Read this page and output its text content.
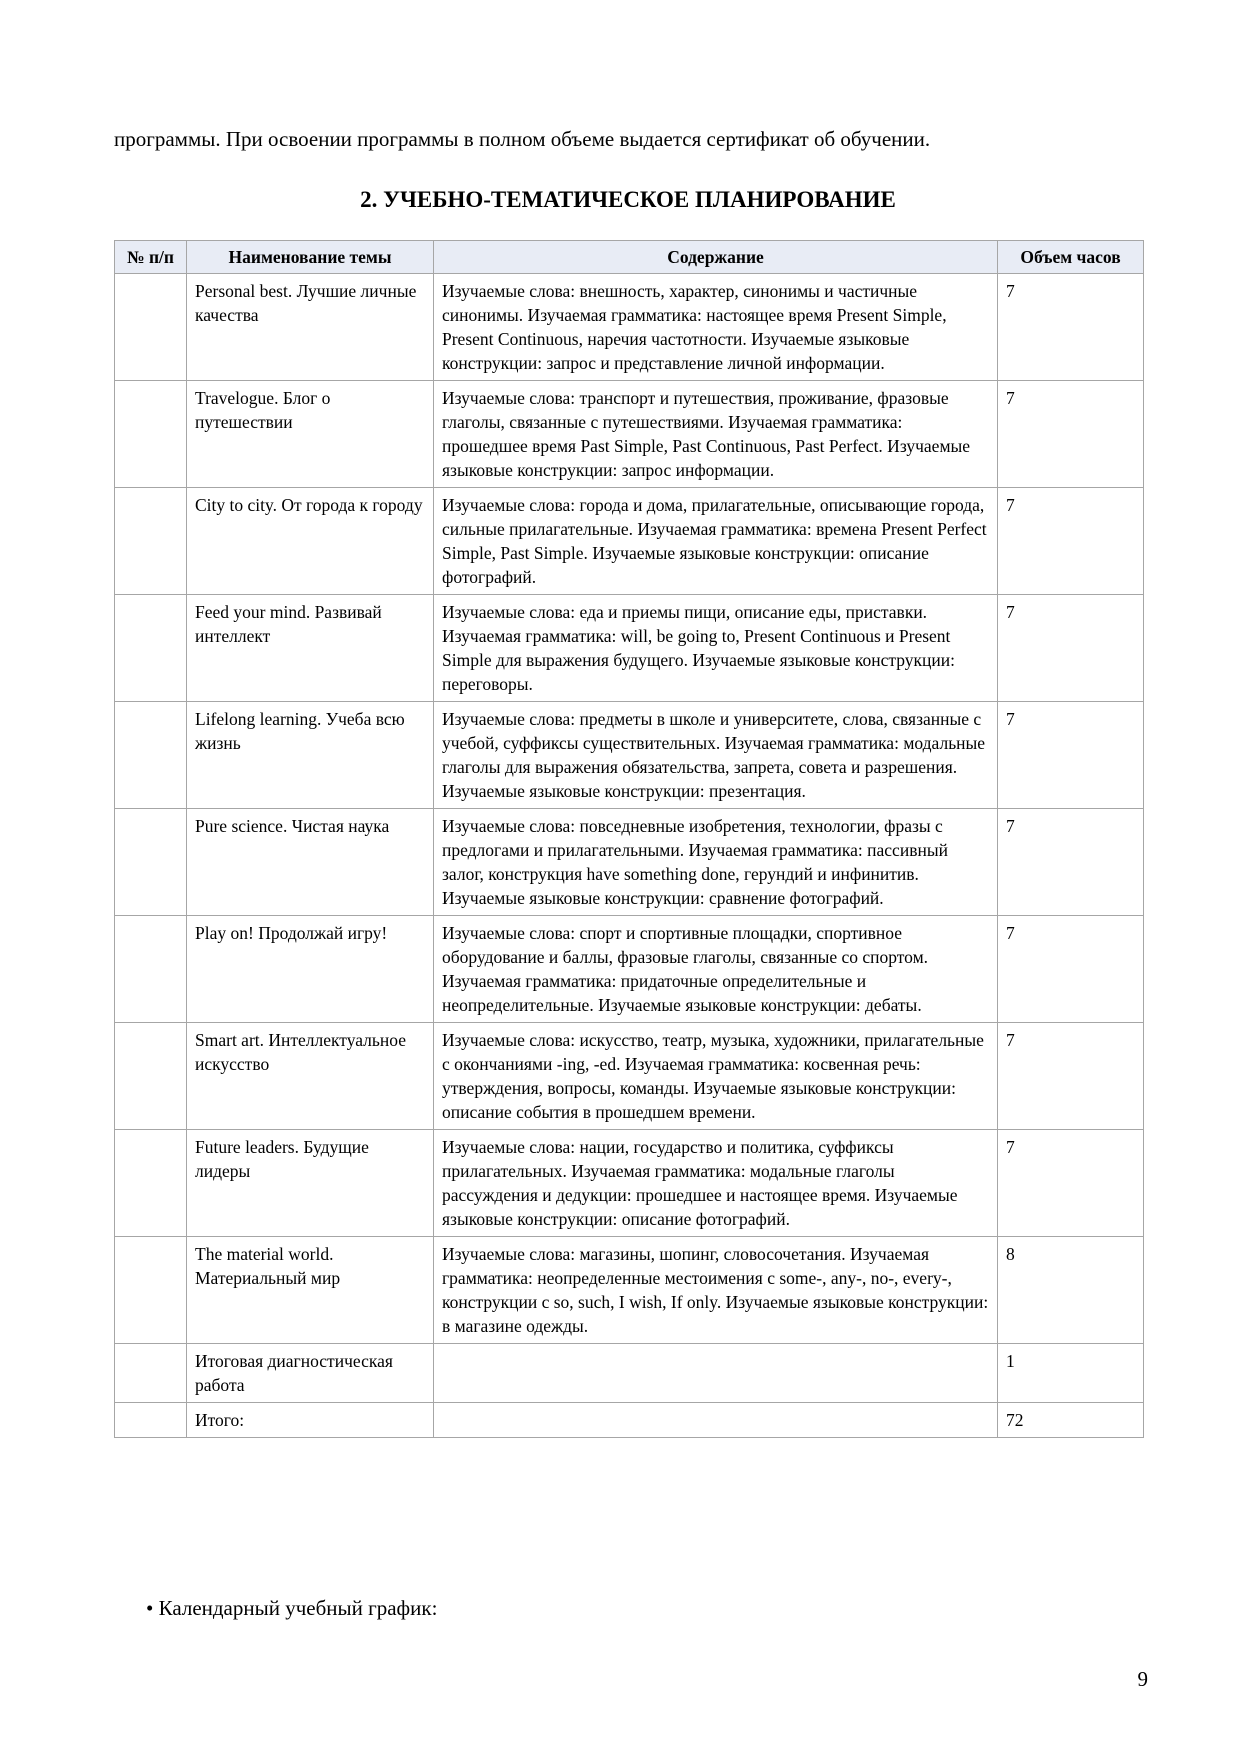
программы. При освоении программы в полном объеме выдается сертификат об обучении.
2. УЧЕБНО-ТЕМАТИЧЕСКОЕ ПЛАНИРОВАНИЕ
№ п/п	Наименование темы	Содержание	Объем часов
	Personal best. Лучшие личные качества	Изучаемые слова: внешность, характер, синонимы и частичные синонимы. Изучаемая грамматика: настоящее время Present Simple, Present Continuous, наречия частотности. Изучаемые языковые конструкции: запрос и представление личной информации.	7
	Travelogue. Блог о путешествии	Изучаемые слова: транспорт и путешествия, проживание, фразовые глаголы, связанные с путешествиями. Изучаемая грамматика: прошедшее время Past Simple, Past Continuous, Past Perfect. Изучаемые языковые конструкции: запрос информации.	7
	City to city. От города к городу	Изучаемые слова: города и дома, прилагательные, описывающие города, сильные прилагательные. Изучаемая грамматика: времена Present Perfect Simple, Past Simple. Изучаемые языковые конструкции: описание фотографий.	7
	Feed your mind. Развивай интеллект	Изучаемые слова: еда и приемы пищи, описание еды, приставки. Изучаемая грамматика: will, be going to, Present Continuous и Present Simple для выражения будущего. Изучаемые языковые конструкции: переговоры.	7
	Lifelong learning. Учеба всю жизнь	Изучаемые слова: предметы в школе и университете, слова, связанные с учебой, суффиксы существительных. Изучаемая грамматика: модальные глаголы для выражения обязательства, запрета, совета и разрешения. Изучаемые языковые конструкции: презентация.	7
	Pure science. Чистая наука	Изучаемые слова: повседневные изобретения, технологии, фразы с предлогами и прилагательными. Изучаемая грамматика: пассивный залог, конструкция have something done, герундий и инфинитив. Изучаемые языковые конструкции: сравнение фотографий.	7
	Play on! Продолжай игру!	Изучаемые слова: спорт и спортивные площадки, спортивное оборудование и баллы, фразовые глаголы, связанные со спортом. Изучаемая грамматика: придаточные определительные и неопределительные. Изучаемые языковые конструкции: дебаты.	7
	Smart art. Интеллектуальное искусство	Изучаемые слова: искусство, театр, музыка, художники, прилагательные с окончаниями -ing, -ed. Изучаемая грамматика: косвенная речь: утверждения, вопросы, команды. Изучаемые языковые конструкции: описание события в прошедшем времени.	7
	Future leaders. Будущие лидеры	Изучаемые слова: нации, государство и политика, суффиксы прилагательных. Изучаемая грамматика: модальные глаголы рассуждения и дедукции: прошедшее и настоящее время. Изучаемые языковые конструкции: описание фотографий.	7
	The material world. Материальный мир	Изучаемые слова: магазины, шопинг, словосочетания. Изучаемая грамматика: неопределенные местоимения с some-, any-, no-, every-, конструкции с so, such, I wish, If only. Изучаемые языковые конструкции: в магазине одежды.	8
	Итоговая диагностическая работа		1
	Итого:		72
• Календарный учебный график:
9
